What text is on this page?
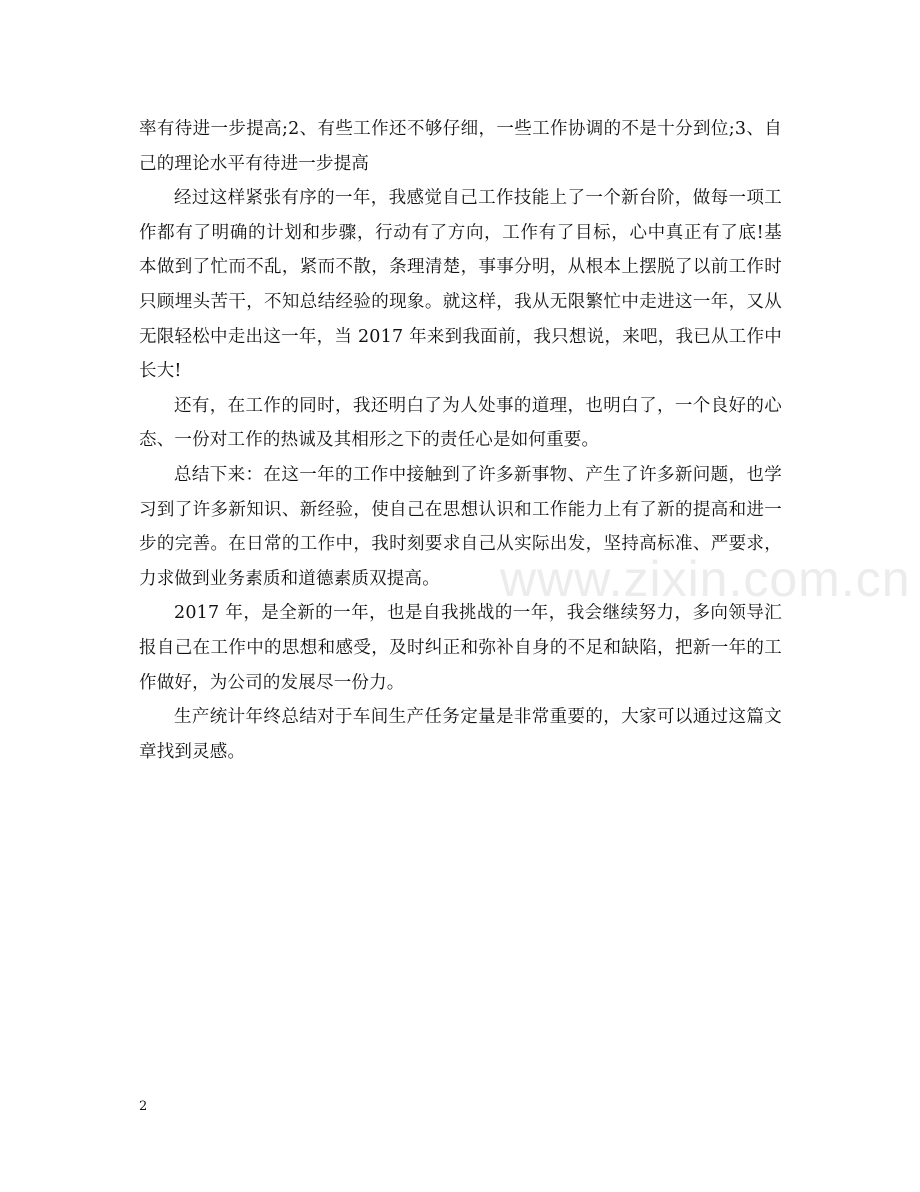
www.zixin.com.cn

率有待进一步提高;2、有些工作还不够仔细，一些工作协调的不是十分到位;3、自己的理论水平有待进一步提高

经过这样紧张有序的一年，我感觉自己工作技能上了一个新台阶，做每一项工作都有了明确的计划和步骤，行动有了方向，工作有了目标，心中真正有了底!基本做到了忙而不乱，紧而不散，条理清楚，事事分明，从根本上摆脱了以前工作时只顾埋头苦干，不知总结经验的现象。就这样，我从无限繁忙中走进这一年，又从无限轻松中走出这一年，当 2017 年来到我面前，我只想说，来吧，我已从工作中长大!

还有，在工作的同时，我还明白了为人处事的道理，也明白了，一个良好的心态、一份对工作的热诚及其相形之下的责任心是如何重要。

总结下来：在这一年的工作中接触到了许多新事物、产生了许多新问题，也学习到了许多新知识、新经验，使自己在思想认识和工作能力上有了新的提高和进一步的完善。在日常的工作中，我时刻要求自己从实际出发，坚持高标准、严要求，力求做到业务素质和道德素质双提高。

2017 年，是全新的一年，也是自我挑战的一年，我会继续努力，多向领导汇报自己在工作中的思想和感受，及时纠正和弥补自身的不足和缺陷，把新一年的工作做好，为公司的发展尽一份力。

生产统计年终总结对于车间生产任务定量是非常重要的，大家可以通过这篇文章找到灵感。

2
